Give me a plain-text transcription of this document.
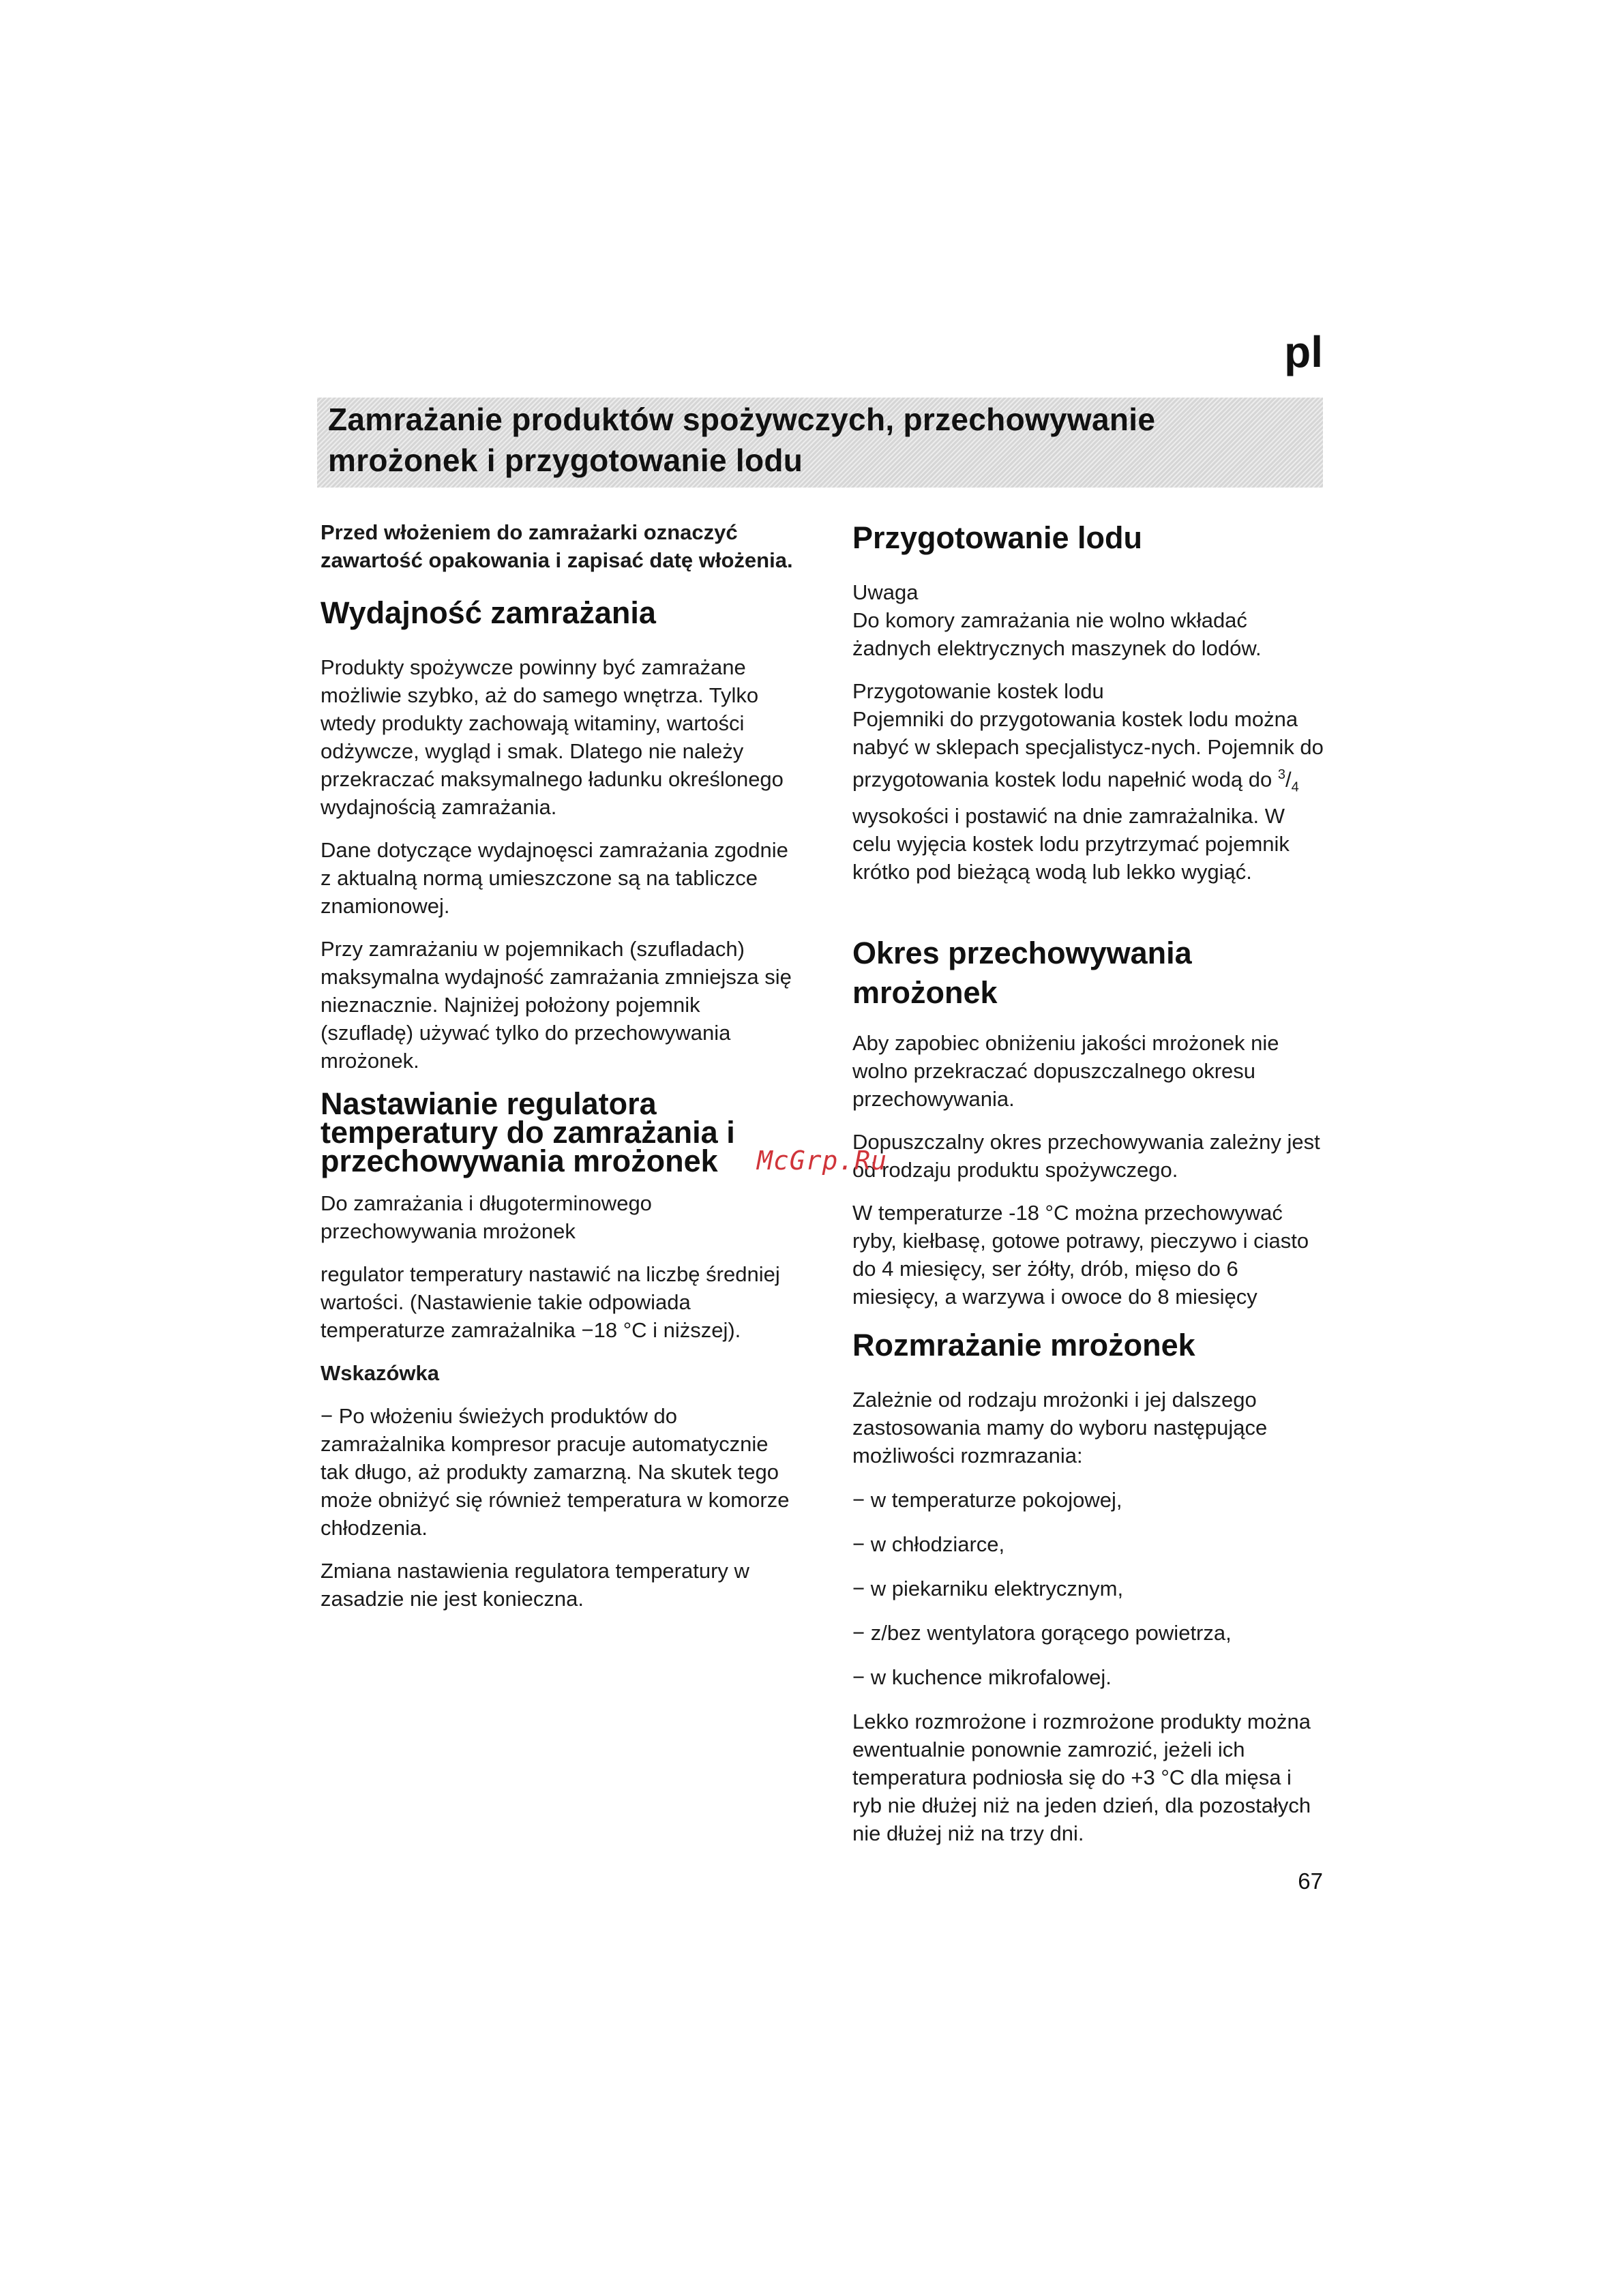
pl
Zamrażanie produktów spożywczych, przechowywanie
mrożonek i przygotowanie lodu

Przed włożeniem do zamrażarki oznaczyć zawartość opakowania i zapisać datę włożenia.

Wydajność zamrażania

Produkty spożywcze powinny być zamrażane możliwie szybko, aż do samego wnętrza. Tylko wtedy produkty zachowają witaminy, wartości odżywcze, wygląd i smak. Dlatego nie należy przekraczać maksymalnego ładunku określonego wydajnością zamrażania.

Dane dotyczące wydajnoęsci zamrażania zgodnie z aktualną normą umieszczone są na tabliczce znamionowej.

Przy zamrażaniu w pojemnikach (szufladach) maksymalna wydajność zamrażania zmniejsza się nieznacznie. Najniżej położony pojemnik (szufladę) używać tylko do przechowywania mrożonek.

Nastawianie regulatora
temperatury do zamrażania i
przechowywania mrożonek

Do zamrażania i długoterminowego przechowywania mrożonek

regulator temperatury nastawić na liczbę średniej wartości. (Nastawienie takie odpowiada temperaturze zamrażalnika −18 °C i niższej).

Wskazówka

− Po włożeniu świeżych produktów do zamrażalnika kompresor pracuje automatycznie tak długo, aż produkty zamarzną. Na skutek tego może obniżyć się również temperatura w komorze chłodzenia.

Zmiana nastawienia regulatora temperatury w zasadzie nie jest konieczna.

Przygotowanie lodu

Uwaga

Do komory zamrażania nie wolno wkładać żadnych elektrycznych maszynek do lodów.

Przygotowanie kostek lodu

Pojemniki do przygotowania kostek lodu można nabyć w sklepach specjalistycz-nych. Pojemnik do przygotowania kostek lodu napełnić wodą do $^3/_4$ wysokości i postawić na dnie zamrażalnika. W celu wyjęcia kostek lodu przytrzymać pojemnik krótko pod bieżącą wodą lub lekko wygiąć.

Okres przechowywania
mrożonek

Aby zapobiec obniżeniu jakości mrożonek nie wolno przekraczać dopuszczalnego okresu przechowywania.

Dopuszczalny okres przechowywania zależny jest od rodzaju produktu spożywczego.

W temperaturze -18 °C można przechowywać ryby, kiełbasę, gotowe potrawy, pieczywo i ciasto do 4 miesięcy, ser żółty, drób, mięso do 6 miesięcy, a warzywa i owoce do 8 miesięcy

Rozmrażanie mrożonek

Zależnie od rodzaju mrożonki i jej dalszego zastosowania mamy do wyboru następujące możliwości rozmrazania:

− w temperaturze pokojowej,

− w chłodziarce,

− w piekarniku elektrycznym,

− z/bez wentylatora gorącego powietrza,

− w kuchence mikrofalowej.

Lekko rozmrożone i rozmrożone produkty można ewentualnie ponownie zamrozić, jeżeli ich temperatura podniosła się do +3 °C dla mięsa i ryb nie dłużej niż na jeden dzień, dla pozostałych nie dłużej niż na trzy dni.

McGrp.Ru
67
